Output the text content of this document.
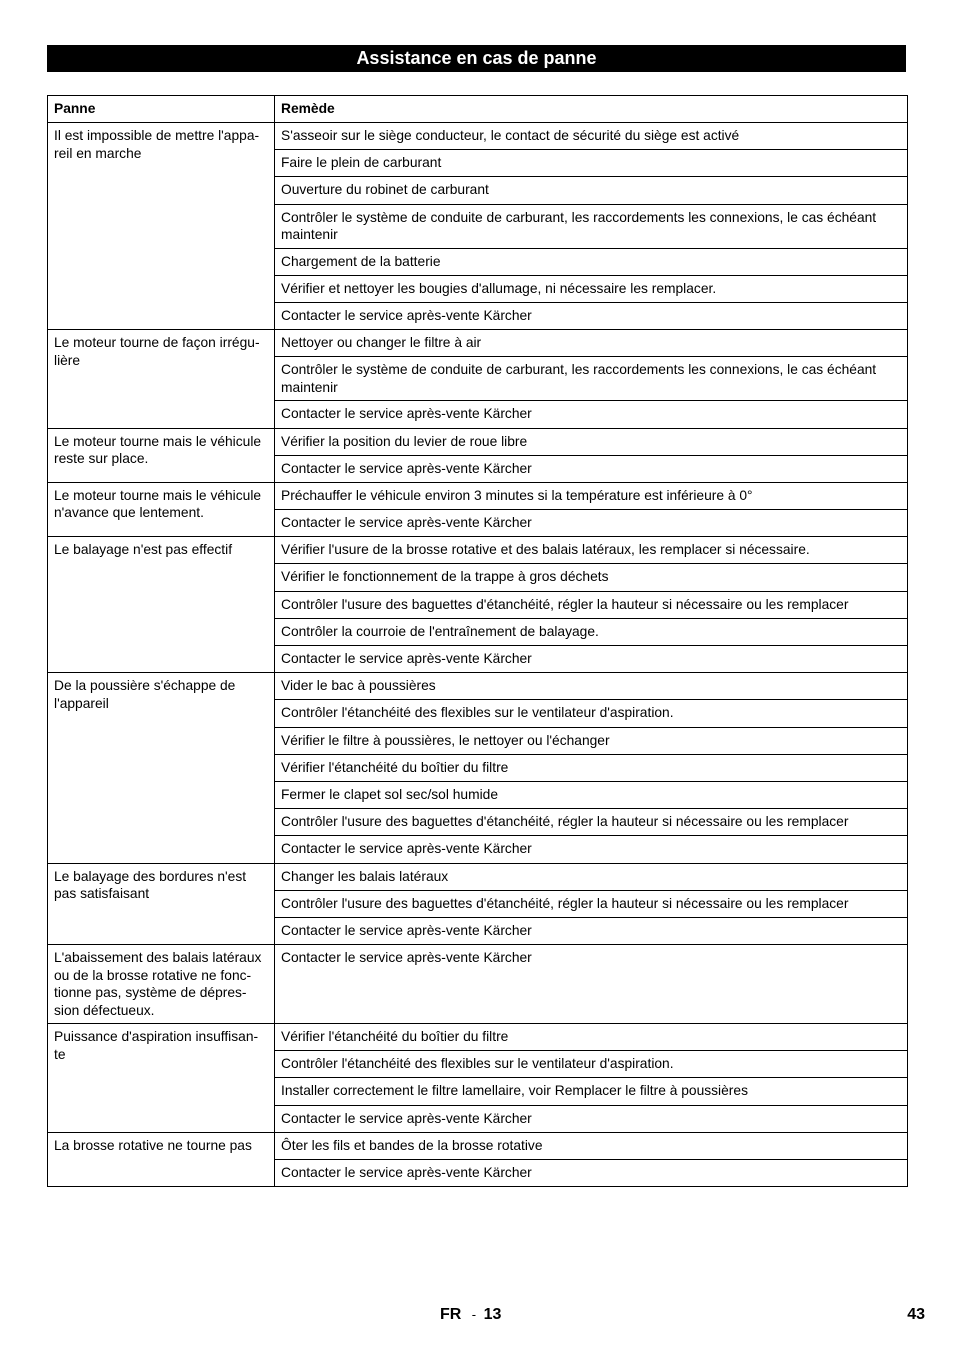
Assistance en cas de panne
Panne	Remède
Il est impossible de mettre l'appa-reil en marche	S'asseoir sur le siège conducteur, le contact de sécurité du siège est activé
	Faire le plein de carburant
	Ouverture du robinet de carburant
	Contrôler le système de conduite de carburant, les raccordements les connexions, le cas échéant maintenir
	Chargement de la batterie
	Vérifier et nettoyer les bougies d'allumage, ni nécessaire les remplacer.
	Contacter le service après-vente Kärcher
Le moteur tourne de façon irrégu-lière	Nettoyer ou changer le filtre à air
	Contrôler le système de conduite de carburant, les raccordements les connexions, le cas échéant maintenir
	Contacter le service après-vente Kärcher
Le moteur tourne mais le véhicule reste sur place.	Vérifier la position du levier de roue libre
	Contacter le service après-vente Kärcher
Le moteur tourne mais le véhicule n'avance que lentement.	Préchauffer le véhicule environ 3 minutes si la température est inférieure à 0°
	Contacter le service après-vente Kärcher
Le balayage n'est pas effectif	Vérifier l'usure de la brosse rotative et des balais latéraux, les remplacer si nécessaire.
	Vérifier le fonctionnement de la trappe à gros déchets
	Contrôler l'usure des baguettes d'étanchéité, régler la hauteur si nécessaire ou les remplacer
	Contrôler la courroie de l'entraînement de balayage.
	Contacter le service après-vente Kärcher
De la poussière s'échappe de l'appareil	Vider le bac à poussières
	Contrôler l'étanchéité des flexibles sur le ventilateur d'aspiration.
	Vérifier le filtre à poussières, le nettoyer ou l'échanger
	Vérifier l'étanchéité du boîtier du filtre
	Fermer le clapet sol sec/sol humide
	Contrôler l'usure des baguettes d'étanchéité, régler la hauteur si nécessaire ou les remplacer
	Contacter le service après-vente Kärcher
Le balayage des bordures n'est pas satisfaisant	Changer les balais latéraux
	Contrôler l'usure des baguettes d'étanchéité, régler la hauteur si nécessaire ou les remplacer
	Contacter le service après-vente Kärcher
L'abaissement des balais latéraux ou de la brosse rotative ne fonc-tionne pas, système de dépres-sion défectueux.	Contacter le service après-vente Kärcher
Puissance d'aspiration insuffisan-te	Vérifier l'étanchéité du boîtier du filtre
	Contrôler l'étanchéité des flexibles sur le ventilateur d'aspiration.
	Installer correctement le filtre lamellaire, voir Remplacer le filtre à poussières
	Contacter le service après-vente Kärcher
La brosse rotative ne tourne pas	Ôter les fils et bandes de la brosse rotative
	Contacter le service après-vente Kärcher
FR - 13	43
